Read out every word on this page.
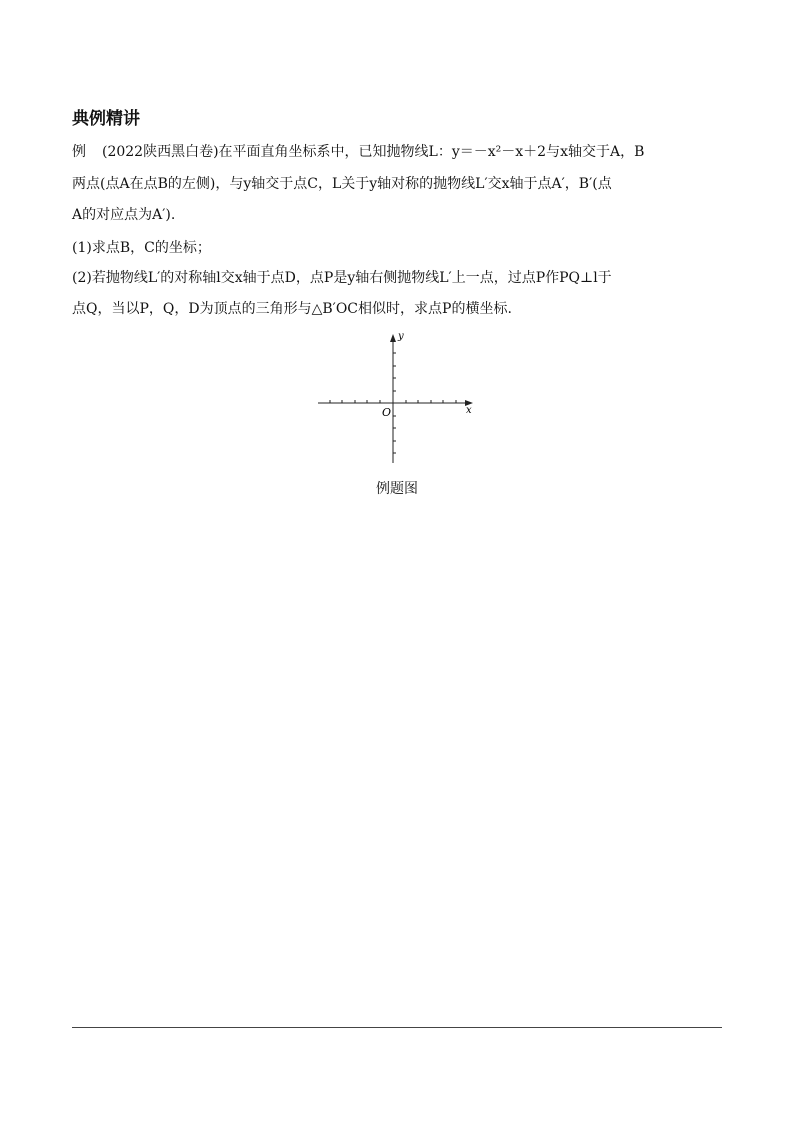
典例精讲
例 (2022陕西黑白卷)在平面直角坐标系中，已知抛物线L：y＝－x²－x＋2与x轴交于A，B
两点(点A在点B的左侧)，与y轴交于点C，L关于y轴对称的抛物线L′交x轴于点A′，B′(点
A的对应点为A′).
(1)求点B，C的坐标；
(2)若抛物线L′的对称轴l交x轴于点D，点P是y轴右侧抛物线L′上一点，过点P作PQ⊥l于
点Q，当以P，Q，D为顶点的三角形与△B′OC相似时，求点P的横坐标.
x
y
O
例题图
